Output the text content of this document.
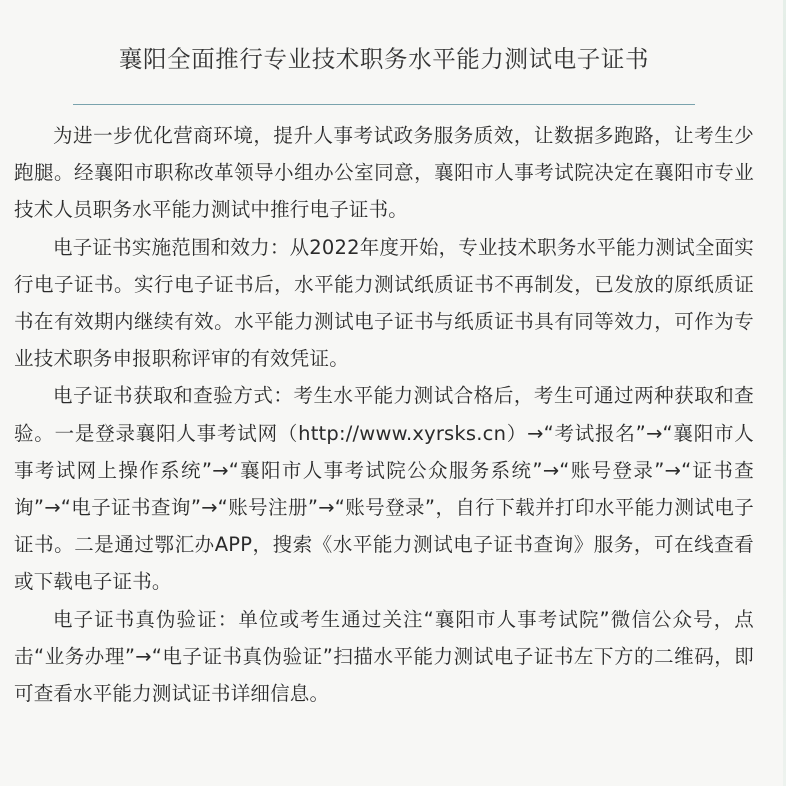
襄阳全面推行专业技术职务水平能力测试电子证书

为进一步优化营商环境，提升人事考试政务服务质效，让数据多跑路，让考生少跑腿。经襄阳市职称改革领导小组办公室同意，襄阳市人事考试院决定在襄阳市专业技术人员职务水平能力测试中推行电子证书。

电子证书实施范围和效力：从2022年度开始，专业技术职务水平能力测试全面实行电子证书。实行电子证书后，水平能力测试纸质证书不再制发，已发放的原纸质证书在有效期内继续有效。水平能力测试电子证书与纸质证书具有同等效力，可作为专业技术职务申报职称评审的有效凭证。

电子证书获取和查验方式：考生水平能力测试合格后，考生可通过两种获取和查验。一是登录襄阳人事考试网（http://www.xyrsks.cn）→“考试报名”→“襄阳市人事考试网上操作系统”→“襄阳市人事考试院公众服务系统”→“账号登录”→“证书查询”→“电子证书查询”→“账号注册”→“账号登录”，自行下载并打印水平能力测试电子证书。二是通过鄂汇办APP，搜索《水平能力测试电子证书查询》服务，可在线查看或下载电子证书。

电子证书真伪验证：单位或考生通过关注“襄阳市人事考试院”微信公众号，点击“业务办理”→“电子证书真伪验证”扫描水平能力测试电子证书左下方的二维码，即可查看水平能力测试证书详细信息。
